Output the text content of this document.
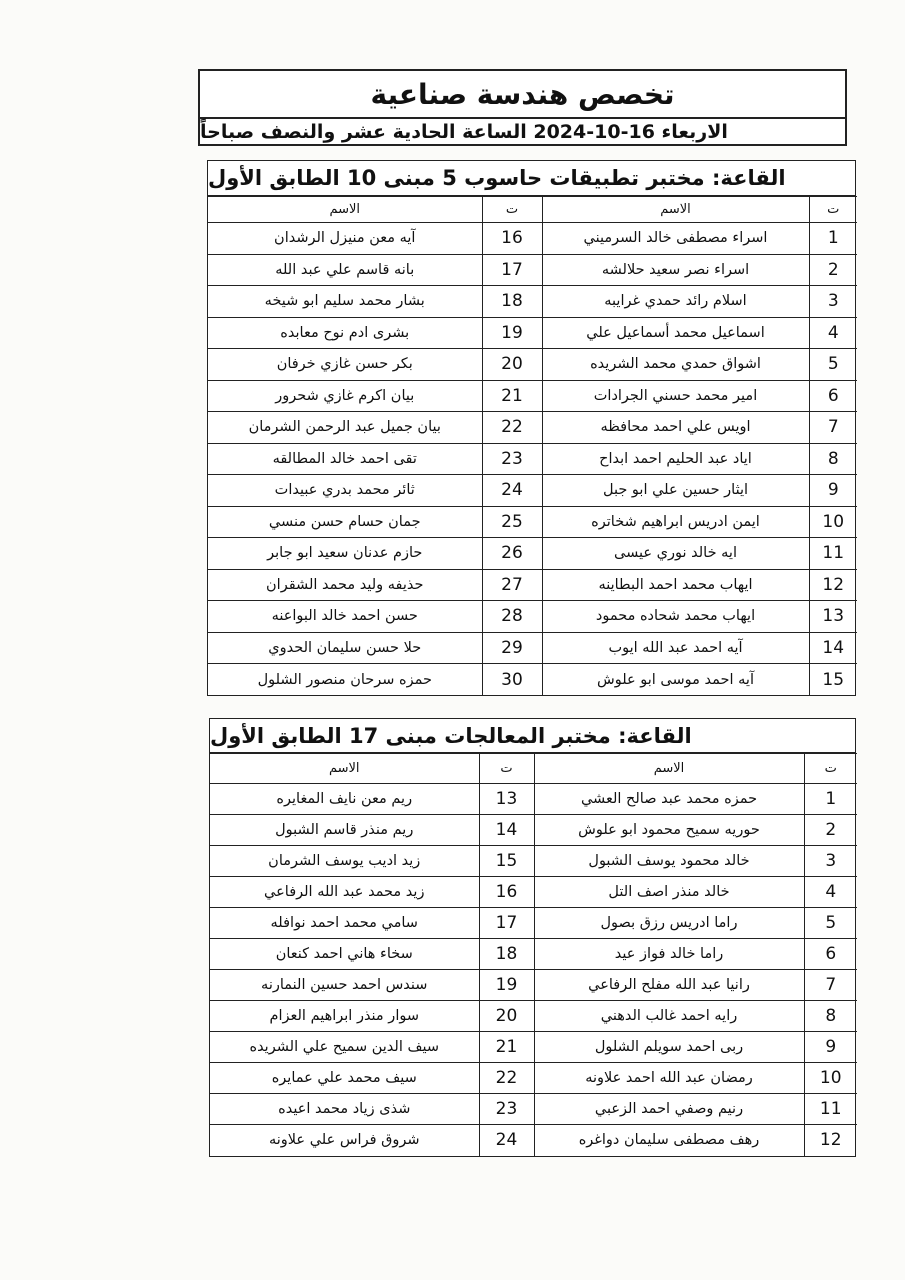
تخصص هندسة صناعية
الاربعاء 16-10-2024 الساعة الحادية عشر والنصف صباحاً
القاعة: مختبر تطبيقات حاسوب 5 مبنى 10 الطابق الأول
ت	الاسم	ت	الاسم
1	اسراء مصطفى خالد السرميني	16	آيه معن منيزل الرشدان
2	اسراء نصر سعيد حلالشه	17	بانه قاسم علي عبد الله
3	اسلام رائد حمدي غرايبه	18	بشار محمد سليم ابو شيخه
4	اسماعيل محمد أسماعيل علي	19	بشرى ادم نوح معابده
5	اشواق حمدي محمد الشريده	20	بكر حسن غازي خرفان
6	امير محمد حسني الجرادات	21	بيان اكرم غازي شحرور
7	اويس علي احمد محافظه	22	بيان جميل عبد الرحمن الشرمان
8	اياد عبد الحليم احمد ابداح	23	تقى احمد خالد المطالقه
9	ايثار حسين علي ابو جبل	24	ثائر محمد بدري عبيدات
10	ايمن ادريس ابراهيم شخاتره	25	جمان حسام حسن منسي
11	ايه خالد نوري عيسى	26	حازم عدنان سعيد ابو جابر
12	ايهاب محمد احمد البطاينه	27	حذيفه وليد محمد الشقران
13	ايهاب محمد شحاده محمود	28	حسن احمد خالد البواعنه
14	آيه احمد عبد الله ايوب	29	حلا حسن سليمان الحدوي
15	آيه احمد موسى ابو علوش	30	حمزه سرحان منصور الشلول
القاعة: مختبر المعالجات مبنى 17 الطابق الأول
ت	الاسم	ت	الاسم
1	حمزه محمد عبد صالح العشي	13	ريم معن نايف المغايره
2	حوريه سميح محمود ابو علوش	14	ريم منذر قاسم الشبول
3	خالد محمود يوسف الشبول	15	زيد اديب يوسف الشرمان
4	خالد منذر اصف التل	16	زيد محمد عبد الله الرفاعي
5	راما ادريس رزق بصول	17	سامي محمد احمد نوافله
6	راما خالد فواز عيد	18	سخاء هاني احمد كنعان
7	رانيا عبد الله مفلح الرفاعي	19	سندس احمد حسين النمارنه
8	رايه احمد غالب الدهني	20	سوار منذر ابراهيم العزام
9	ربى احمد سويلم الشلول	21	سيف الدين سميح علي الشريده
10	رمضان عبد الله احمد علاونه	22	سيف محمد علي عمايره
11	رنيم وصفي احمد الزعبي	23	شذى زياد محمد اعيده
12	رهف مصطفى سليمان دواغره	24	شروق فراس علي علاونه
